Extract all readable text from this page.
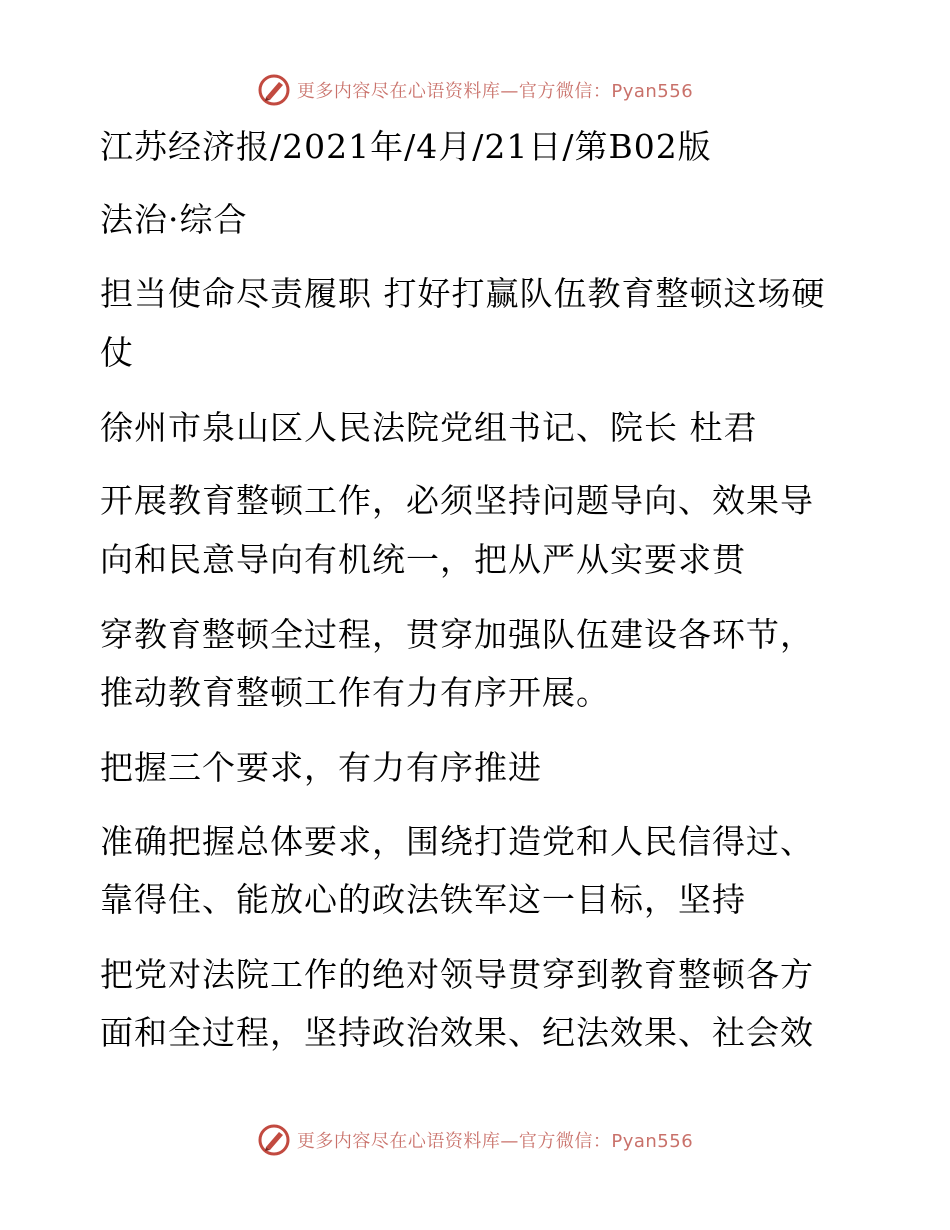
更多内容尽在心语资料库—官方微信：Pyan556
江苏经济报/2021年/4月/21日/第B02版
法治·综合
担当使命尽责履职 打好打赢队伍教育整顿这场硬
仗
徐州市泉山区人民法院党组书记、院长 杜君
开展教育整顿工作，必须坚持问题导向、效果导
向和民意导向有机统一，把从严从实要求贯
穿教育整顿全过程，贯穿加强队伍建设各环节，
推动教育整顿工作有力有序开展。
把握三个要求，有力有序推进
准确把握总体要求，围绕打造党和人民信得过、
靠得住、能放心的政法铁军这一目标，坚持
把党对法院工作的绝对领导贯穿到教育整顿各方
面和全过程，坚持政治效果、纪法效果、社会效
更多内容尽在心语资料库—官方微信：Pyan556
